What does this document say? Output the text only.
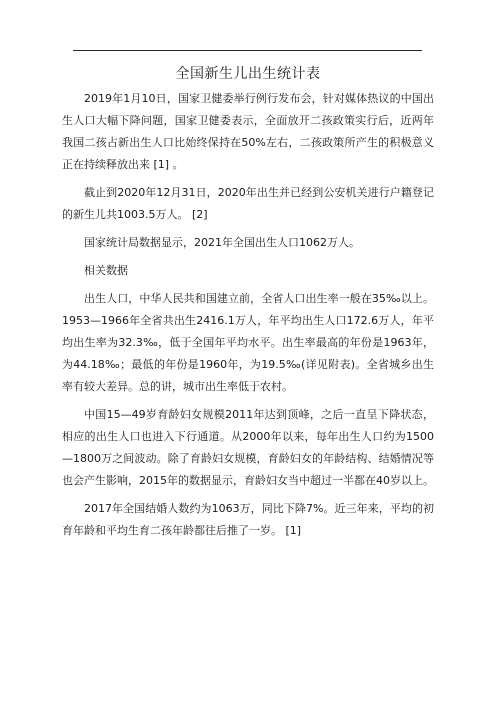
全国新生儿出生统计表

2019年1月10日，国家卫健委举行例行发布会，针对媒体热议的中国出生人口大幅下降问题，国家卫健委表示，全面放开二孩政策实行后，近两年我国二孩占新出生人口比始终保持在50%左右，二孩政策所产生的积极意义正在持续释放出来 [1] 。

截止到2020年12月31日，2020年出生并已经到公安机关进行户籍登记的新生儿共1003.5万人。 [2]

国家统计局数据显示，2021年全国出生人口1062万人。

相关数据

出生人口，中华人民共和国建立前，全省人口出生率一般在35‰以上。1953—1966年全省共出生2416.1万人，年平均出生人口172.6万人，年平均出生率为32.3‰，低于全国年平均水平。出生率最高的年份是1963年，为44.18‰；最低的年份是1960年，为19.5‰(详见附表)。全省城乡出生率有较大差异。总的讲，城市出生率低于农村。

中国15—49岁育龄妇女规模2011年达到顶峰，之后一直呈下降状态，相应的出生人口也进入下行通道。从2000年以来，每年出生人口约为1500—1800万之间波动。除了育龄妇女规模，育龄妇女的年龄结构、结婚情况等也会产生影响，2015年的数据显示，育龄妇女当中超过一半都在40岁以上。

2017年全国结婚人数约为1063万，同比下降7%。近三年来，平均的初育年龄和平均生育二孩年龄都往后推了一岁。 [1]
